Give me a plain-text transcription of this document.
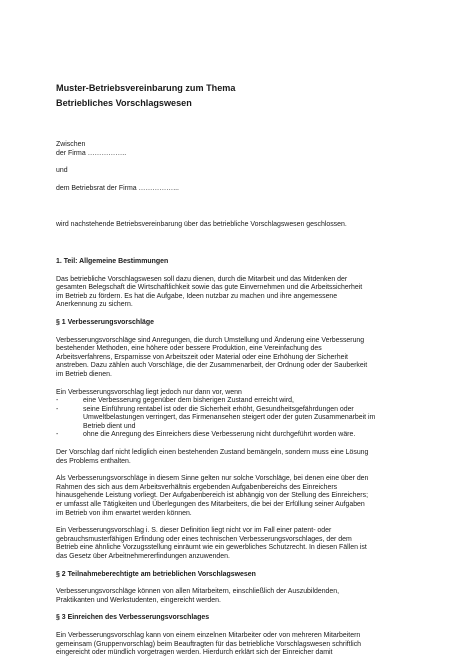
Muster-Betriebsvereinbarung zum Thema

Betriebliches Vorschlagswesen

Zwischen

der Firma ……………..

und

dem Betriebsrat der Firma ……………...

wird nachstehende Betriebsvereinbarung über das betriebliche Vorschlagswesen geschlossen.

1. Teil: Allgemeine Bestimmungen

Das betriebliche Vorschlagswesen soll dazu dienen, durch die Mitarbeit und das Mitdenken der

gesamten Belegschaft die Wirtschaftlichkeit sowie das gute Einvernehmen und die Arbeitssicherheit

im Betrieb zu fördern. Es hat die Aufgabe, Ideen nutzbar zu machen und ihre angemessene

Anerkennung zu sichern.

§ 1 Verbesserungsvorschläge

Verbesserungsvorschläge sind Anregungen, die durch Umstellung und Änderung eine Verbesserung

bestehender Methoden, eine höhere oder bessere Produktion, eine Vereinfachung des

Arbeitsverfahrens, Ersparnisse von Arbeitszeit oder Material oder eine Erhöhung der Sicherheit

anstreben. Dazu zählen auch Vorschläge, die der Zusammenarbeit, der Ordnung oder der Sauberkeit

im Betrieb dienen.

Ein Verbesserungsvorschlag liegt jedoch nur dann vor, wenn

-	eine Verbesserung gegenüber dem bisherigen Zustand erreicht wird,

-	seine Einführung rentabel ist oder die Sicherheit erhöht, Gesundheitsgefährdungen oder

Umweltbelastungen verringert, das Firmenansehen steigert oder der guten Zusammenarbeit im

Betrieb dient und

-	ohne die Anregung des Einreichers diese Verbesserung nicht durchgeführt worden wäre.

Der Vorschlag darf nicht lediglich einen bestehenden Zustand bemängeln, sondern muss eine Lösung

des Problems enthalten.

Als Verbesserungsvorschläge in diesem Sinne gelten nur solche Vorschläge, bei denen eine über den

Rahmen des sich aus dem Arbeitsverhältnis ergebenden Aufgabenbereichs des Einreichers

hinausgehende Leistung vorliegt. Der Aufgabenbereich ist abhängig von der Stellung des Einreichers;

er umfasst alle Tätigkeiten und Überlegungen des Mitarbeiters, die bei der Erfüllung seiner Aufgaben

im Betrieb von ihm erwartet werden können.

Ein Verbesserungsvorschlag i. S. dieser Definition liegt nicht vor im Fall einer patent- oder

gebrauchsmusterfähigen Erfindung oder eines technischen Verbesserungsvorschlages, der dem

Betrieb eine ähnliche Vorzugsstellung einräumt wie ein gewerbliches Schutzrecht. In diesen Fällen ist

das Gesetz über Arbeitnehmererfindungen anzuwenden.

§ 2 Teilnahmeberechtigte am betrieblichen Vorschlagswesen

Verbesserungsvorschläge können von allen Mitarbeitern, einschließlich der Auszubildenden,

Praktikanten und Werkstudenten, eingereicht werden.

§ 3 Einreichen des Verbesserungsvorschlages

Ein Verbesserungsvorschlag kann von einem einzelnen Mitarbeiter oder von mehreren Mitarbeitern

gemeinsam (Gruppenvorschlag) beim Beauftragten für das betriebliche Vorschlagswesen schriftlich

eingereicht oder mündlich vorgetragen werden. Hierdurch erklärt sich der Einreicher damit
